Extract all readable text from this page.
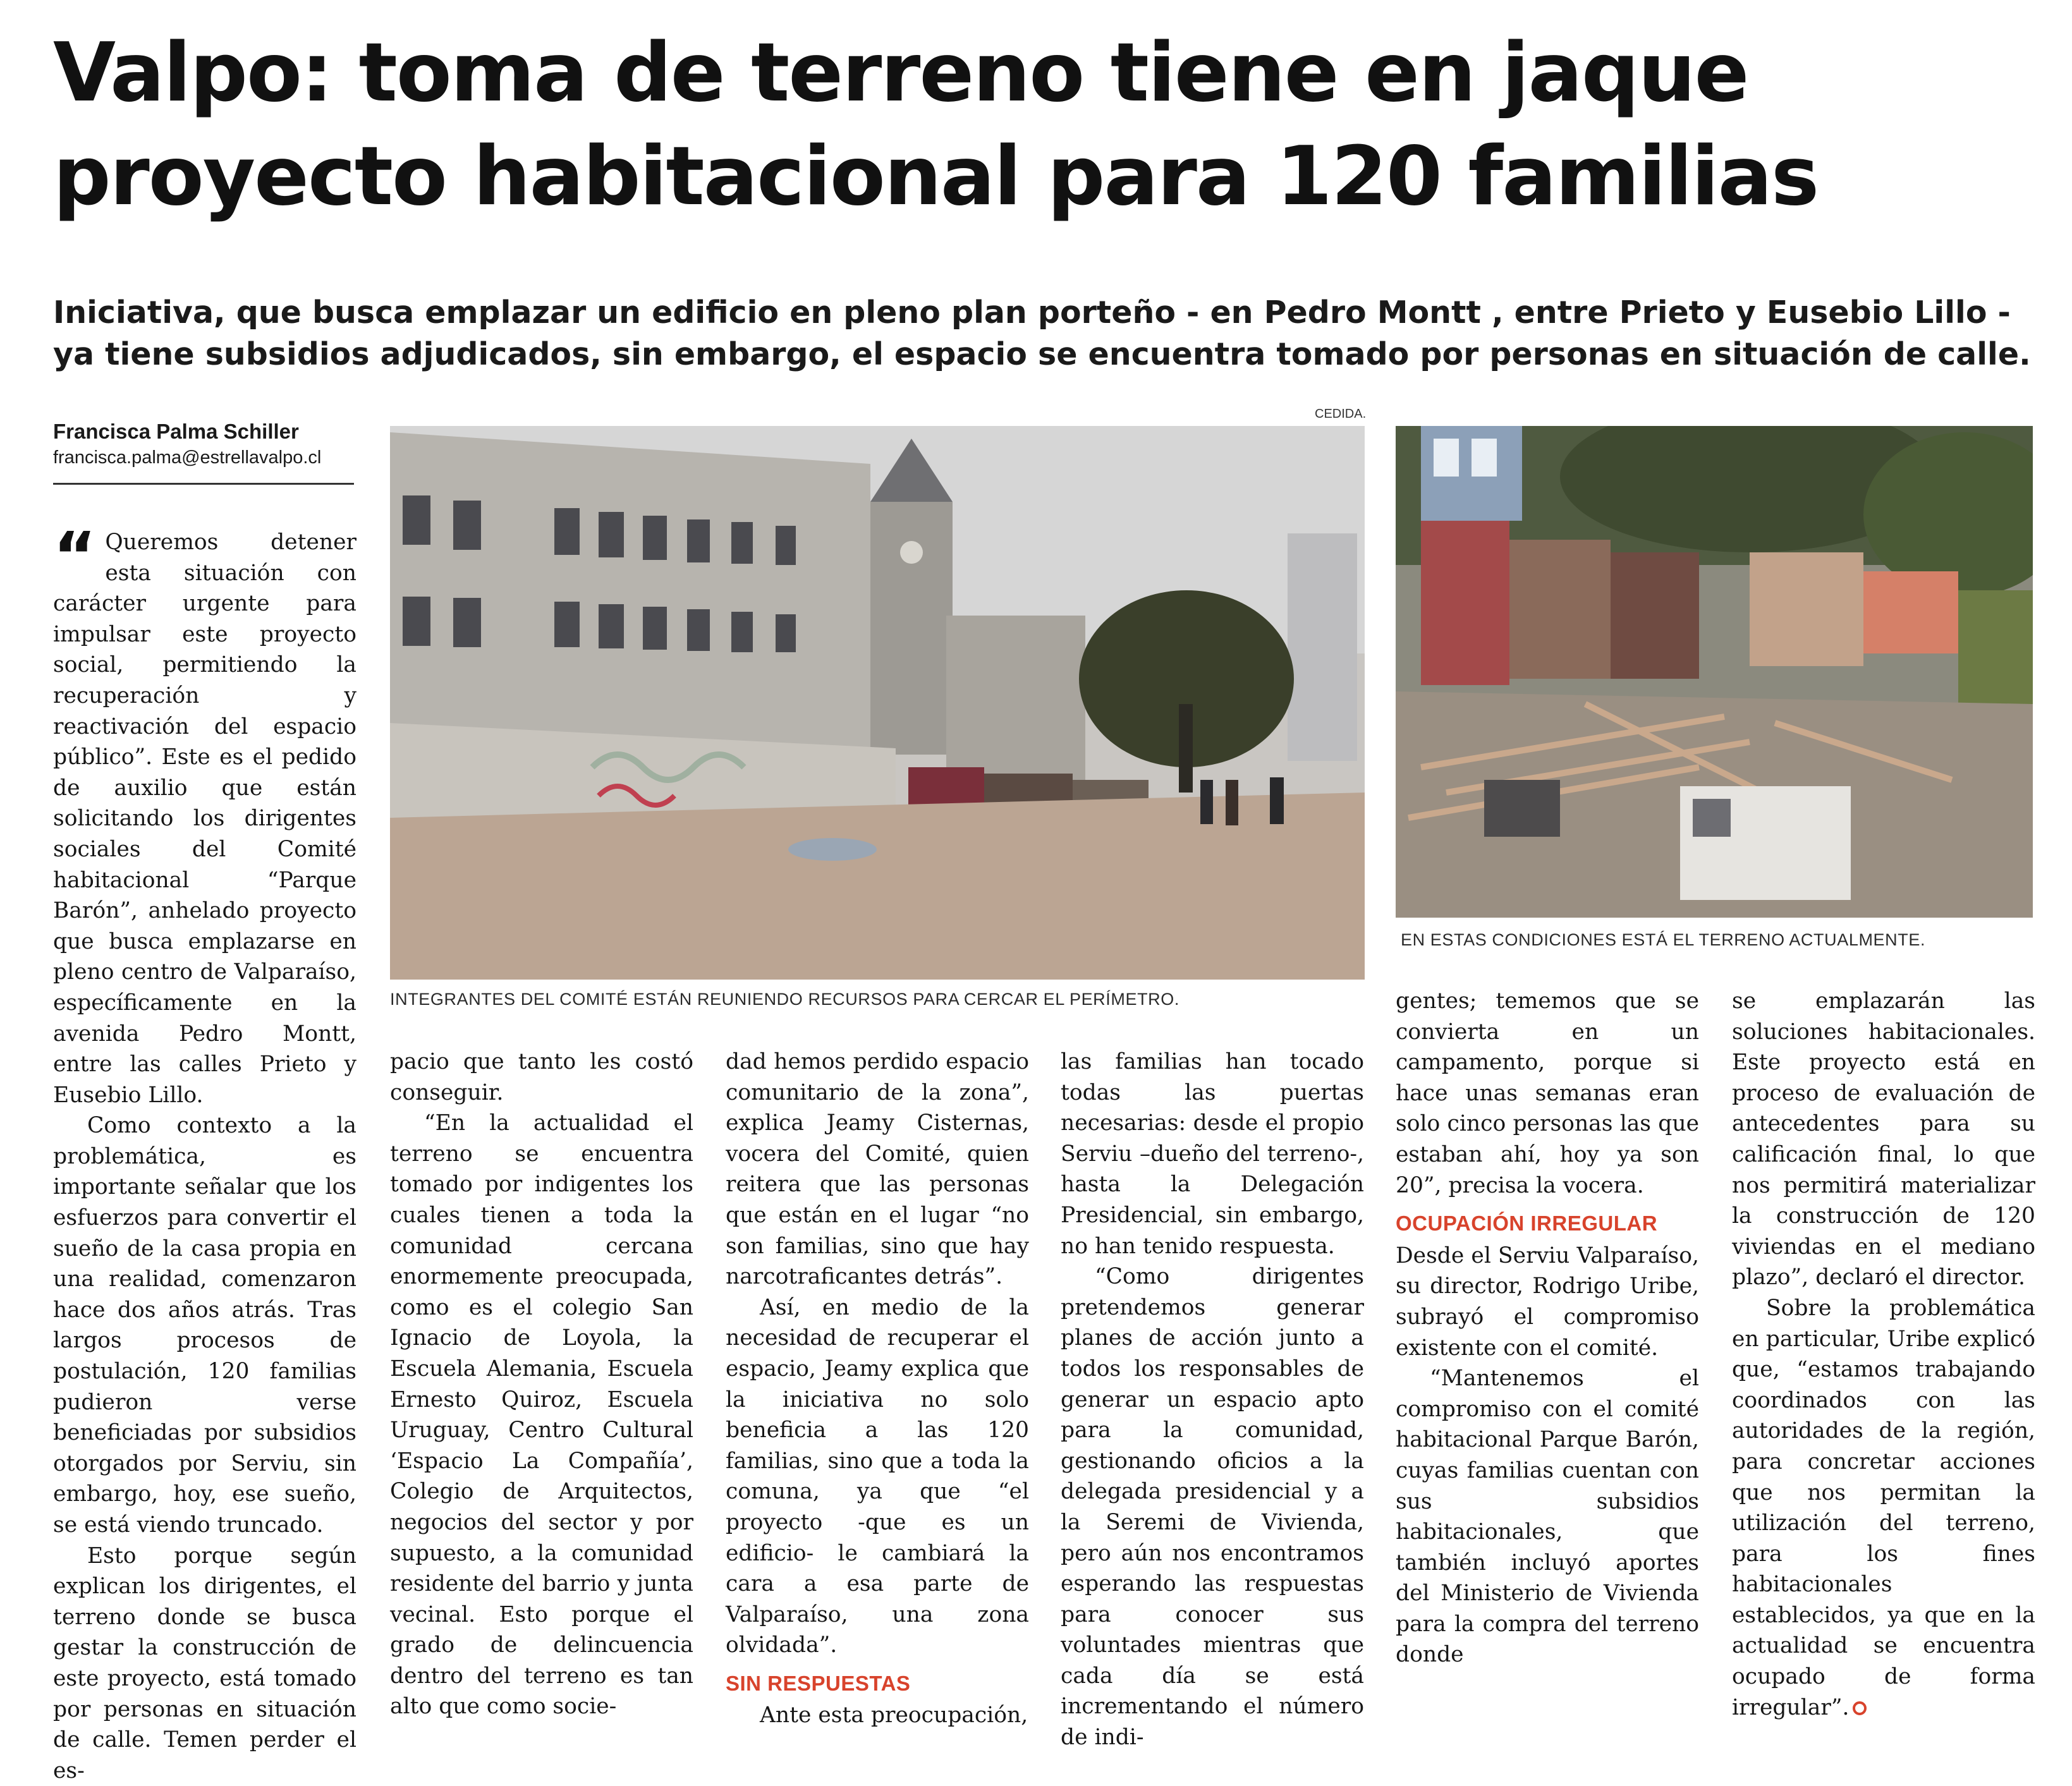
Valpo: toma de terreno tiene en jaque
proyecto habitacional para 120 familias
Iniciativa, que busca emplazar un edificio en pleno plan porteño - en Pedro Montt , entre Prieto y Eusebio Lillo -
ya tiene subsidios adjudicados, sin embargo, el espacio se encuentra tomado por personas en situación de calle.
Francisca Palma Schiller
francisca.palma@estrellavalpo.cl
CEDIDA.
INTEGRANTES DEL COMITÉ ESTÁN REUNIENDO RECURSOS PARA CERCAR EL PERÍMETRO.
EN ESTAS CONDICIONES ESTÁ EL TERRENO ACTUALMENTE.
“ Queremos detener esta situación con carácter urgente para impulsar este proyecto social, permitiendo la recuperación y reactivación del espacio público”. Este es el pedido de auxilio que están solicitando los dirigentes sociales del Comité habitacional “Parque Barón”, anhelado proyecto que busca emplazarse en pleno centro de Valparaíso, específicamente en la avenida Pedro Montt, entre las calles Prieto y Eusebio Lillo.

Como contexto a la problemática, es importante señalar que los esfuerzos para convertir el sueño de la casa propia en una realidad, comenzaron hace dos años atrás. Tras largos procesos de postulación, 120 familias pudieron verse beneficiadas por subsidios otorgados por Serviu, sin embargo, hoy, ese sueño, se está viendo truncado.

Esto porque según explican los dirigentes, el terreno donde se busca gestar la construcción de este proyecto, está tomado por personas en situación de calle. Temen perder el es-

pacio que tanto les costó conseguir.

“En la actualidad el terreno se encuentra tomado por indigentes los cuales tienen a toda la comunidad cercana enormemente preocupada, como es el colegio San Ignacio de Loyola, la Escuela Alemania, Escuela Ernesto Quiroz, Escuela Uruguay, Centro Cultural ‘Espacio La Compañía’, Colegio de Arquitectos, negocios del sector y por supuesto, a la comunidad residente del barrio y junta vecinal. Esto porque el grado de delincuencia dentro del terreno es tan alto que como socie-

dad hemos perdido espacio comunitario de la zona”, explica Jeamy Cisternas, vocera del Comité, quien reitera que las personas que están en el lugar “no son familias, sino que hay narcotraficantes detrás”.

Así, en medio de la necesidad de recuperar el espacio, Jeamy explica que la iniciativa no solo beneficia a las 120 familias, sino que a toda la comuna, ya que “el proyecto -que es un edificio- le cambiará la cara a esa parte de Valparaíso, una zona olvidada”.

SIN RESPUESTAS

Ante esta preocupación,

las familias han tocado todas las puertas necesarias: desde el propio Serviu –dueño del terreno-, hasta la Delegación Presidencial, sin embargo, no han tenido respuesta.

“Como dirigentes pretendemos generar planes de acción junto a todos los responsables de generar un espacio apto para la comunidad, gestionando oficios a la delegada presidencial y a la Seremi de Vivienda, pero aún nos encontramos esperando las respuestas para conocer sus voluntades mientras que cada día se está incrementando el número de indi-

gentes; tememos que se convierta en un campamento, porque si hace unas semanas eran solo cinco personas las que estaban ahí, hoy ya son 20”, precisa la vocera.

OCUPACIÓN IRREGULAR

Desde el Serviu Valparaíso, su director, Rodrigo Uribe, subrayó el compromiso existente con el comité.

“Mantenemos el compromiso con el comité habitacional Parque Barón, cuyas familias cuentan con sus subsidios habitacionales, que también incluyó aportes del Ministerio de Vivienda para la compra del terreno donde

se emplazarán las soluciones habitacionales. Este proyecto está en proceso de evaluación de antecedentes para su calificación final, lo que nos permitirá materializar la construcción de 120 viviendas en el mediano plazo”, declaró el director.

Sobre la problemática en particular, Uribe explicó que, “estamos trabajando coordinados con las autoridades de la región, para concretar acciones que nos permitan la utilización del terreno, para los fines habitacionales establecidos, ya que en la actualidad se encuentra ocupado de forma irregular”.
